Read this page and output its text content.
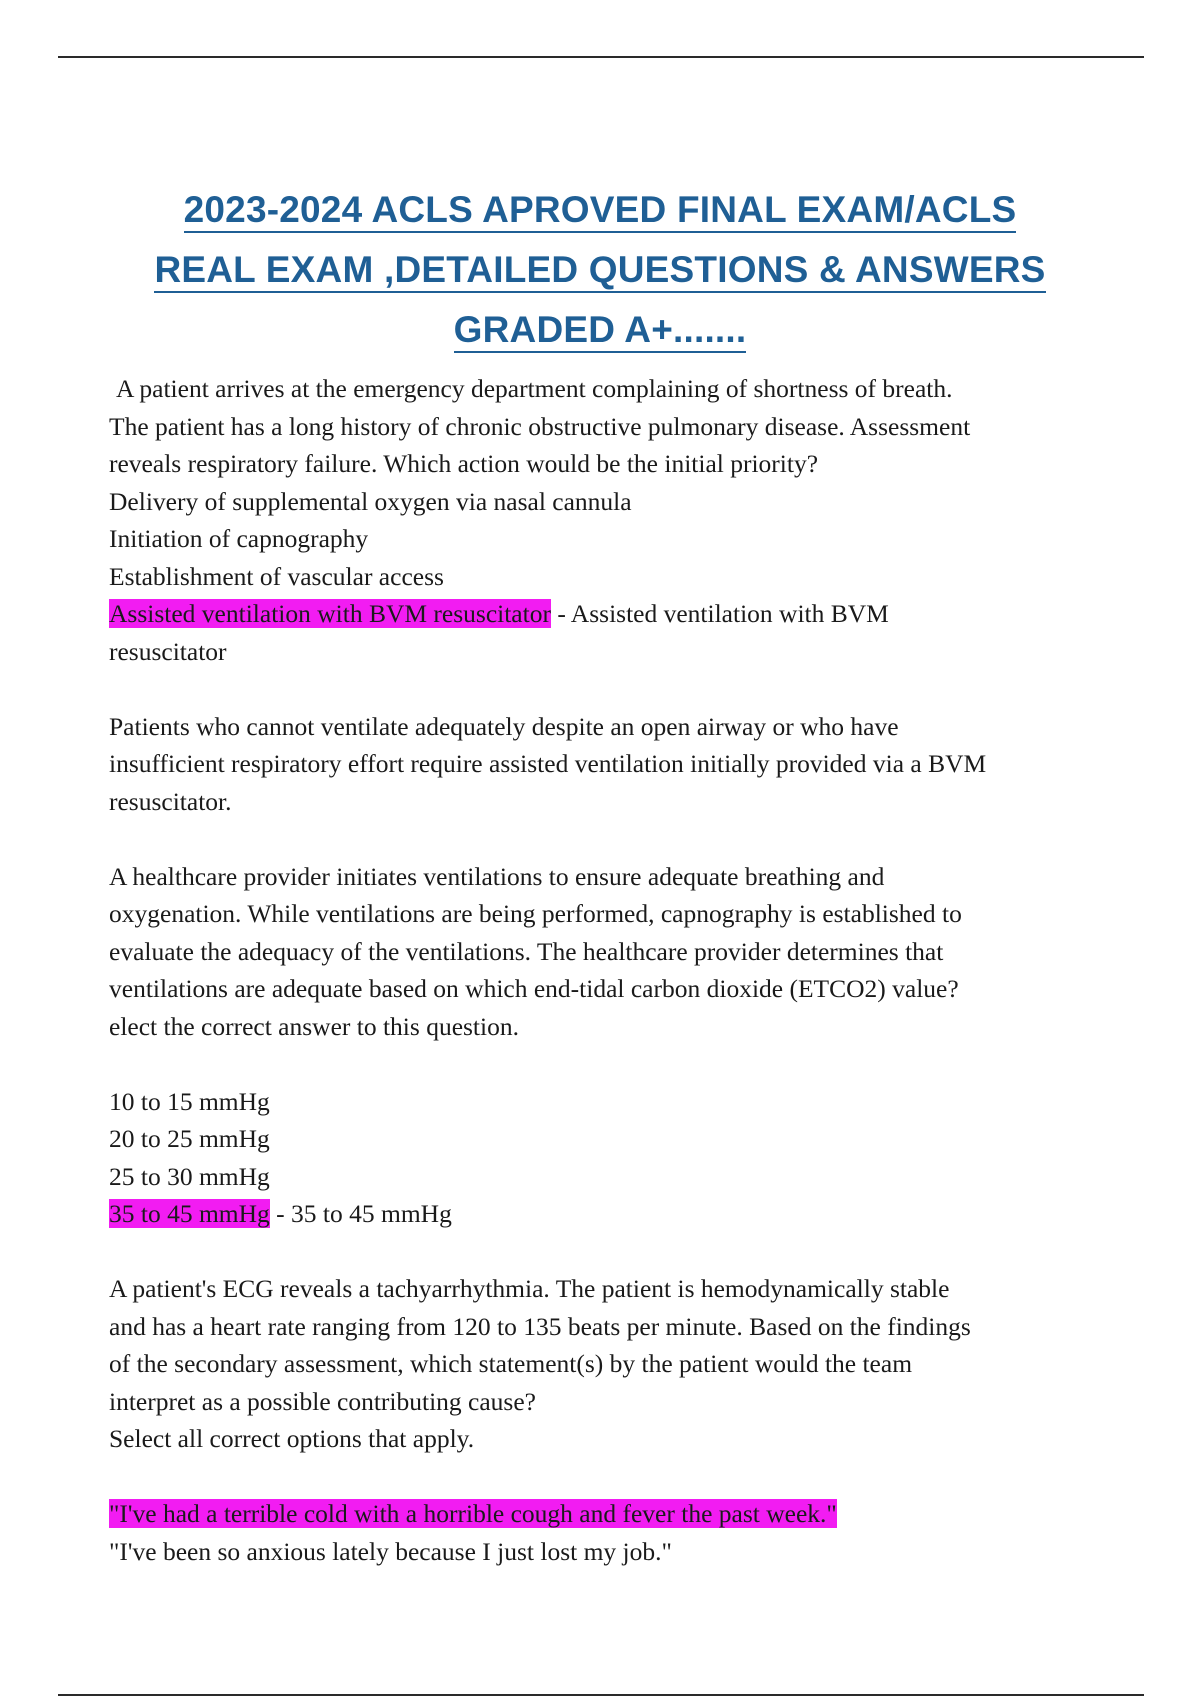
2023-2024 ACLS APROVED FINAL EXAM/ACLS
REAL EXAM ,DETAILED QUESTIONS & ANSWERS
GRADED A+.......
A patient arrives at the emergency department complaining of shortness of breath.
The patient has a long history of chronic obstructive pulmonary disease. Assessment
reveals respiratory failure. Which action would be the initial priority?
Delivery of supplemental oxygen via nasal cannula
Initiation of capnography
Establishment of vascular access
Assisted ventilation with BVM resuscitator - Assisted ventilation with BVM
resuscitator
Patients who cannot ventilate adequately despite an open airway or who have
insufficient respiratory effort require assisted ventilation initially provided via a BVM
resuscitator.
A healthcare provider initiates ventilations to ensure adequate breathing and
oxygenation. While ventilations are being performed, capnography is established to
evaluate the adequacy of the ventilations. The healthcare provider determines that
ventilations are adequate based on which end-tidal carbon dioxide (ETCO2) value?
elect the correct answer to this question.
10 to 15 mmHg
20 to 25 mmHg
25 to 30 mmHg
35 to 45 mmHg - 35 to 45 mmHg
A patient's ECG reveals a tachyarrhythmia. The patient is hemodynamically stable
and has a heart rate ranging from 120 to 135 beats per minute. Based on the findings
of the secondary assessment, which statement(s) by the patient would the team
interpret as a possible contributing cause?
Select all correct options that apply.
"I've had a terrible cold with a horrible cough and fever the past week."
"I've been so anxious lately because I just lost my job."
